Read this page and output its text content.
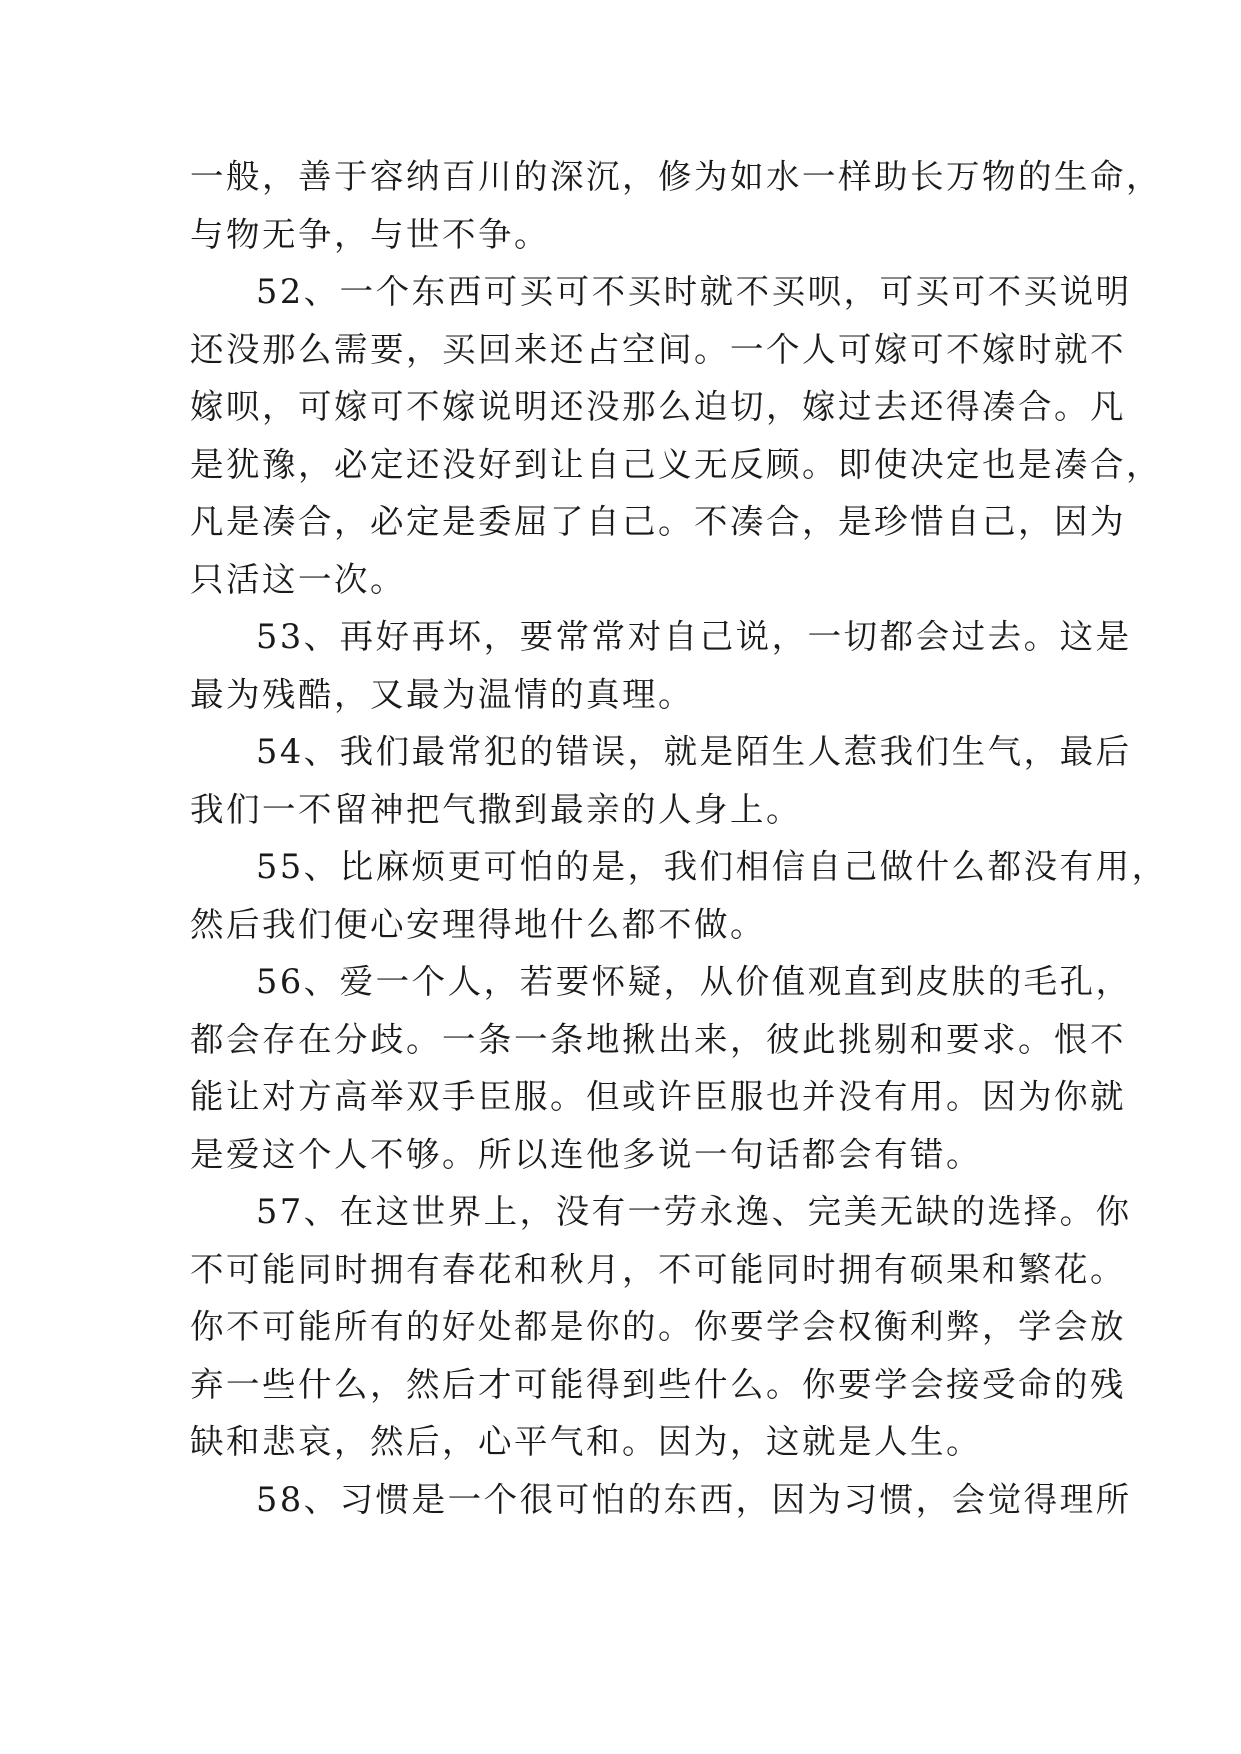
一般，善于容纳百川的深沉，修为如水一样助长万物的生命，
与物无争，与世不争。
52、一个东西可买可不买时就不买呗，可买可不买说明
还没那么需要，买回来还占空间。一个人可嫁可不嫁时就不
嫁呗，可嫁可不嫁说明还没那么迫切，嫁过去还得凑合。凡
是犹豫，必定还没好到让自己义无反顾。即使决定也是凑合，
凡是凑合，必定是委屈了自己。不凑合，是珍惜自己，因为
只活这一次。
53、再好再坏，要常常对自己说，一切都会过去。这是
最为残酷，又最为温情的真理。
54、我们最常犯的错误，就是陌生人惹我们生气，最后
我们一不留神把气撒到最亲的人身上。
55、比麻烦更可怕的是，我们相信自己做什么都没有用，
然后我们便心安理得地什么都不做。
56、爱一个人，若要怀疑，从价值观直到皮肤的毛孔，
都会存在分歧。一条一条地揪出来，彼此挑剔和要求。恨不
能让对方高举双手臣服。但或许臣服也并没有用。因为你就
是爱这个人不够。所以连他多说一句话都会有错。
57、在这世界上，没有一劳永逸、完美无缺的选择。你
不可能同时拥有春花和秋月，不可能同时拥有硕果和繁花。
你不可能所有的好处都是你的。你要学会权衡利弊，学会放
弃一些什么，然后才可能得到些什么。你要学会接受命的残
缺和悲哀，然后，心平气和。因为，这就是人生。
58、习惯是一个很可怕的东西，因为习惯，会觉得理所
